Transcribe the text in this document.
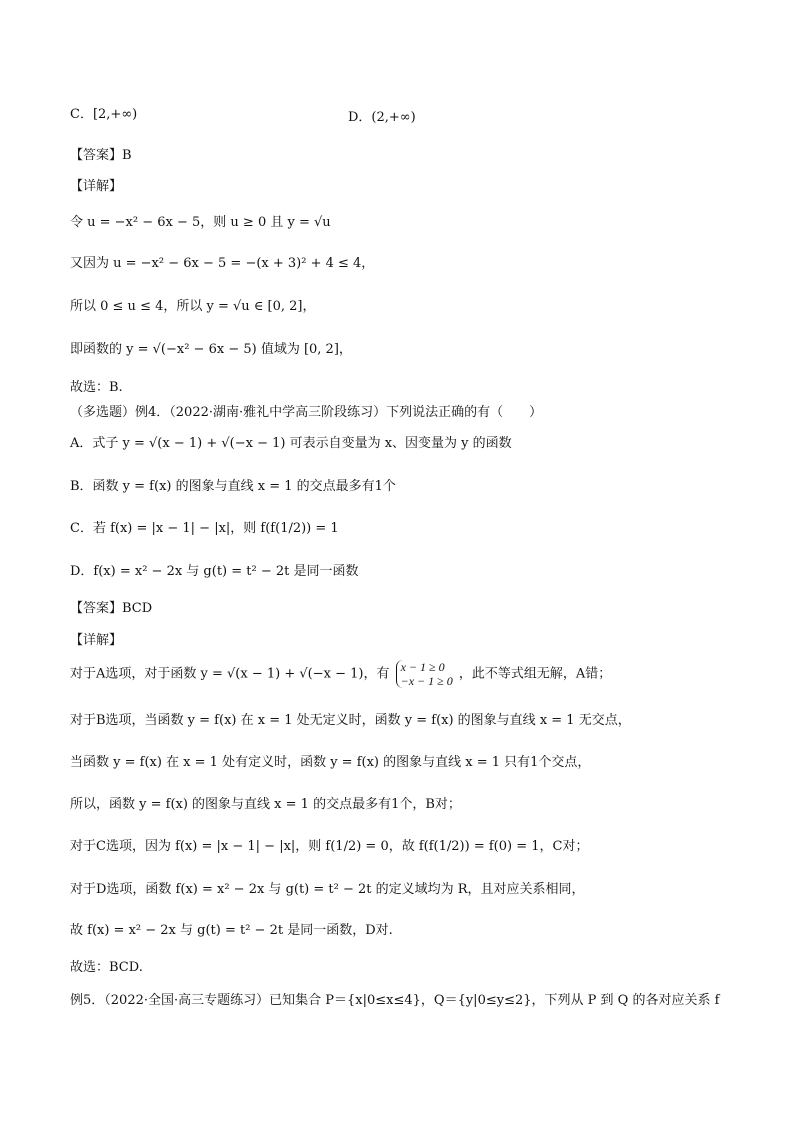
C．[2,+∞)	D．(2,+∞)
【答案】B
【详解】
令 u = −x² − 6x − 5，则 u ≥ 0 且 y = √u
又因为 u = −x² − 6x − 5 = −(x + 3)² + 4 ≤ 4，
所以 0 ≤ u ≤ 4，所以 y = √u ∈ [0, 2]，
即函数的 y = √(−x² − 6x − 5) 值域为 [0, 2]，
故选：B.
（多选题）例4．（2022·湖南·雅礼中学高三阶段练习）下列说法正确的有（　　）
A．式子 y = √(x − 1) + √(−x − 1) 可表示自变量为 x、因变量为 y 的函数
B．函数 y = f(x) 的图象与直线 x = 1 的交点最多有1个
C．若 f(x) = |x − 1| − |x|，则 f(f(1/2)) = 1
D．f(x) = x² − 2x 与 g(t) = t² − 2t 是同一函数
【答案】BCD
【详解】
对于A选项，对于函数 y = √(x − 1) + √(−x − 1)，有 x − 1 ≥ 0
−x − 1 ≥ 0 ，此不等式组无解，A错；
对于B选项，当函数 y = f(x) 在 x = 1 处无定义时，函数 y = f(x) 的图象与直线 x = 1 无交点，
当函数 y = f(x) 在 x = 1 处有定义时，函数 y = f(x) 的图象与直线 x = 1 只有1个交点，
所以，函数 y = f(x) 的图象与直线 x = 1 的交点最多有1个，B对；
对于C选项，因为 f(x) = |x − 1| − |x|，则 f(1/2) = 0，故 f(f(1/2)) = f(0) = 1，C对；
对于D选项，函数 f(x) = x² − 2x 与 g(t) = t² − 2t 的定义域均为 R，且对应关系相同，
故 f(x) = x² − 2x 与 g(t) = t² − 2t 是同一函数，D对.
故选：BCD.
例5．（2022·全国·高三专题练习）已知集合 P＝{x|0≤x≤4}，Q＝{y|0≤y≤2}，下列从 P 到 Q 的各对应关系 f
